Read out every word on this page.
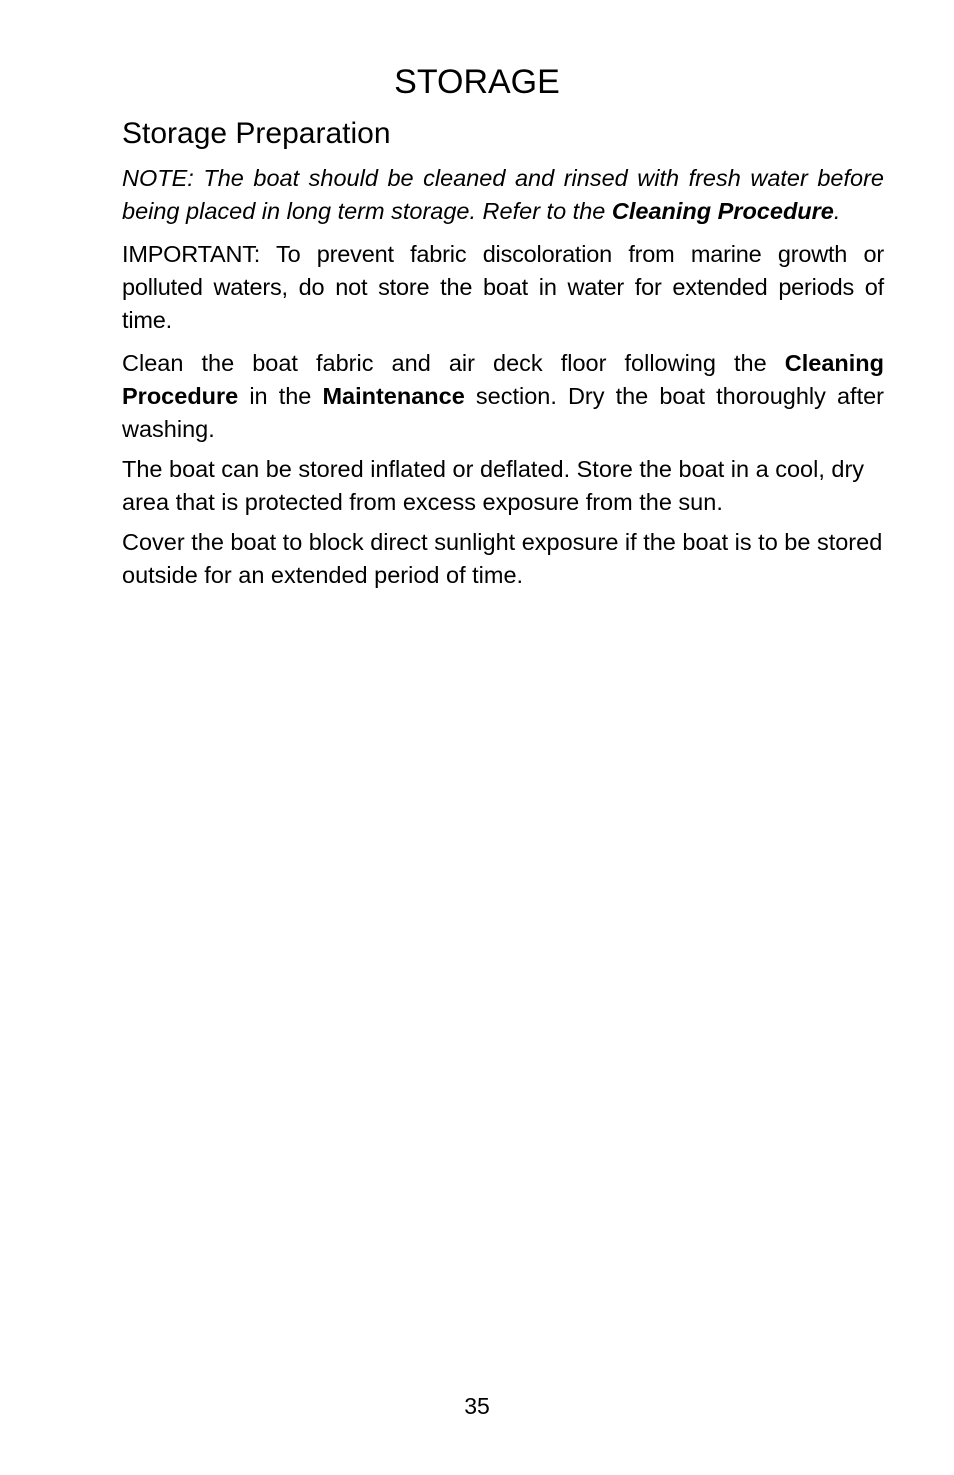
STORAGE
Storage Preparation

NOTE: The boat should be cleaned and rinsed with fresh water before being placed in long term storage. Refer to the Cleaning Procedure.

IMPORTANT: To prevent fabric discoloration from marine growth or polluted waters, do not store the boat in water for extended periods of time.

Clean the boat fabric and air deck floor following the Cleaning Procedure in the Maintenance section. Dry the boat thoroughly after washing.

The boat can be stored inflated or deflated. Store the boat in a cool, dry area that is protected from excess exposure from the sun.

Cover the boat to block direct sunlight exposure if the boat is to be stored outside for an extended period of time.

35
